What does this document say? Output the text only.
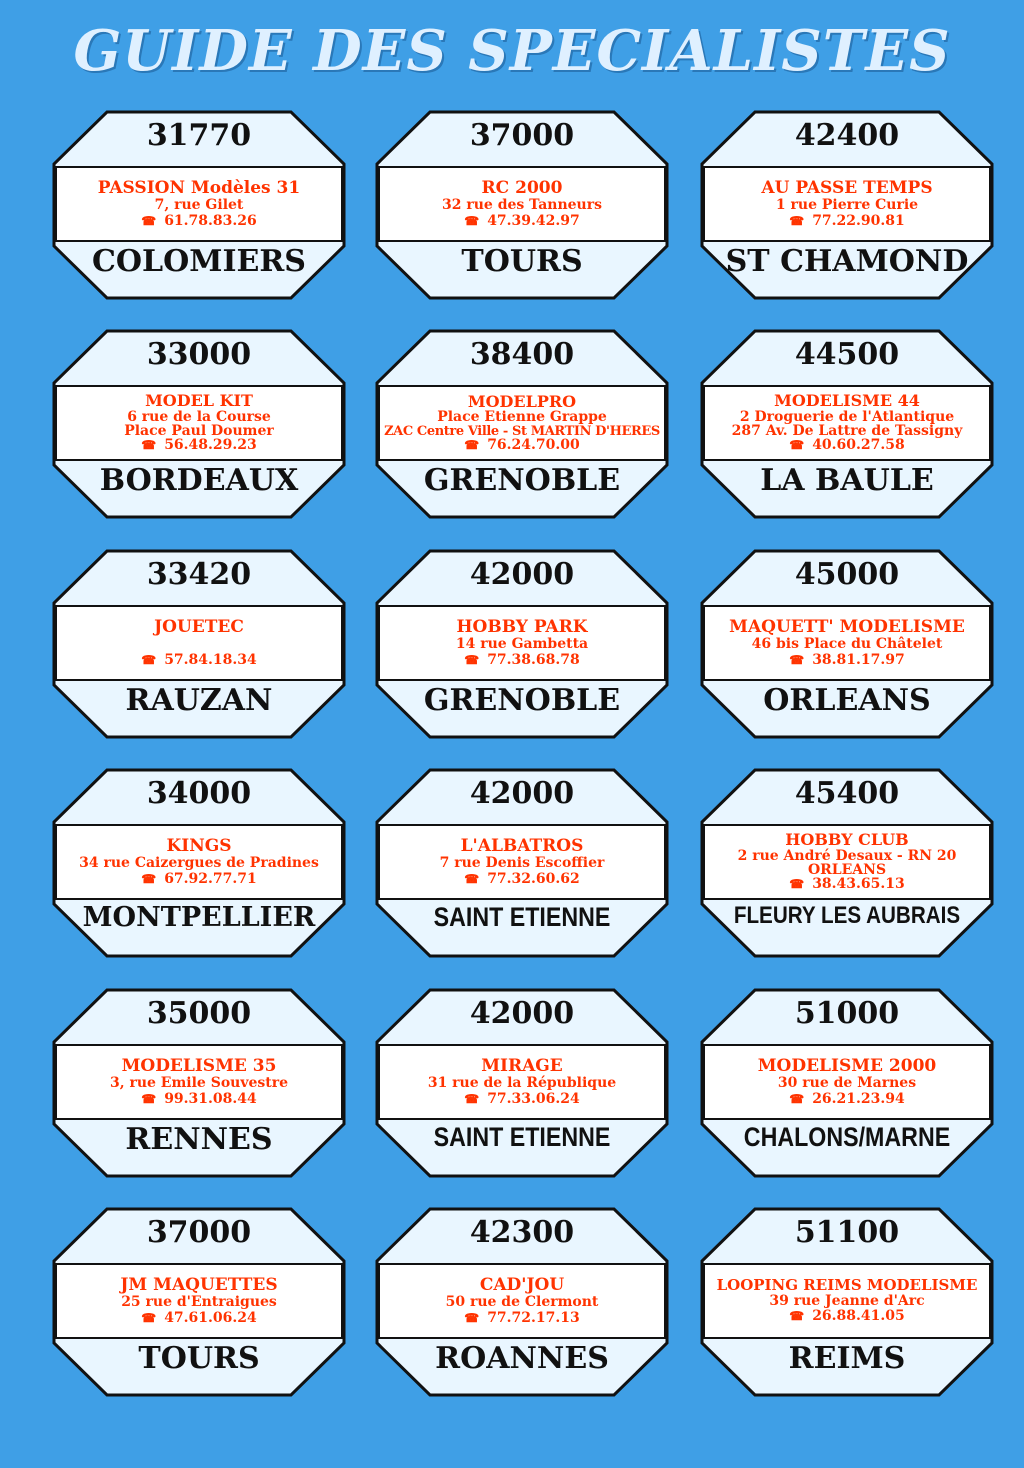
GUIDE DES SPECIALISTES
31770
PASSION Modèles 31
7, rue Gilet
☎ 61.78.83.26
COLOMIERS
37000
RC 2000
32 rue des Tanneurs
☎ 47.39.42.97
TOURS
42400
AU PASSE TEMPS
1 rue Pierre Curie
☎ 77.22.90.81
ST CHAMOND
33000
MODEL KIT
6 rue de la Course
Place Paul Doumer
☎ 56.48.29.23
BORDEAUX
38400
MODELPRO
Place Etienne Grappe
ZAC Centre Ville - St MARTIN D'HERES
☎ 76.24.70.00
GRENOBLE
44500
MODELISME 44
2 Droguerie de l'Atlantique
287 Av. De Lattre de Tassigny
☎ 40.60.27.58
LA BAULE
33420
JOUETEC
☎ 57.84.18.34
RAUZAN
42000
HOBBY PARK
14 rue Gambetta
☎ 77.38.68.78
GRENOBLE
45000
MAQUETT' MODELISME
46 bis Place du Châtelet
☎ 38.81.17.97
ORLEANS
34000
KINGS
34 rue Caizergues de Pradines
☎ 67.92.77.71
MONTPELLIER
42000
L'ALBATROS
7 rue Denis Escoffier
☎ 77.32.60.62
SAINT ETIENNE
45400
HOBBY CLUB
2 rue André Desaux - RN 20
ORLEANS
☎ 38.43.65.13
FLEURY LES AUBRAIS
35000
MODELISME 35
3, rue Emile Souvestre
☎ 99.31.08.44
RENNES
42000
MIRAGE
31 rue de la République
☎ 77.33.06.24
SAINT ETIENNE
51000
MODELISME 2000
30 rue de Marnes
☎ 26.21.23.94
CHALONS/MARNE
37000
JM MAQUETTES
25 rue d'Entraigues
☎ 47.61.06.24
TOURS
42300
CAD'JOU
50 rue de Clermont
☎ 77.72.17.13
ROANNES
51100
LOOPING REIMS MODELISME
39 rue Jeanne d'Arc
☎ 26.88.41.05
REIMS
